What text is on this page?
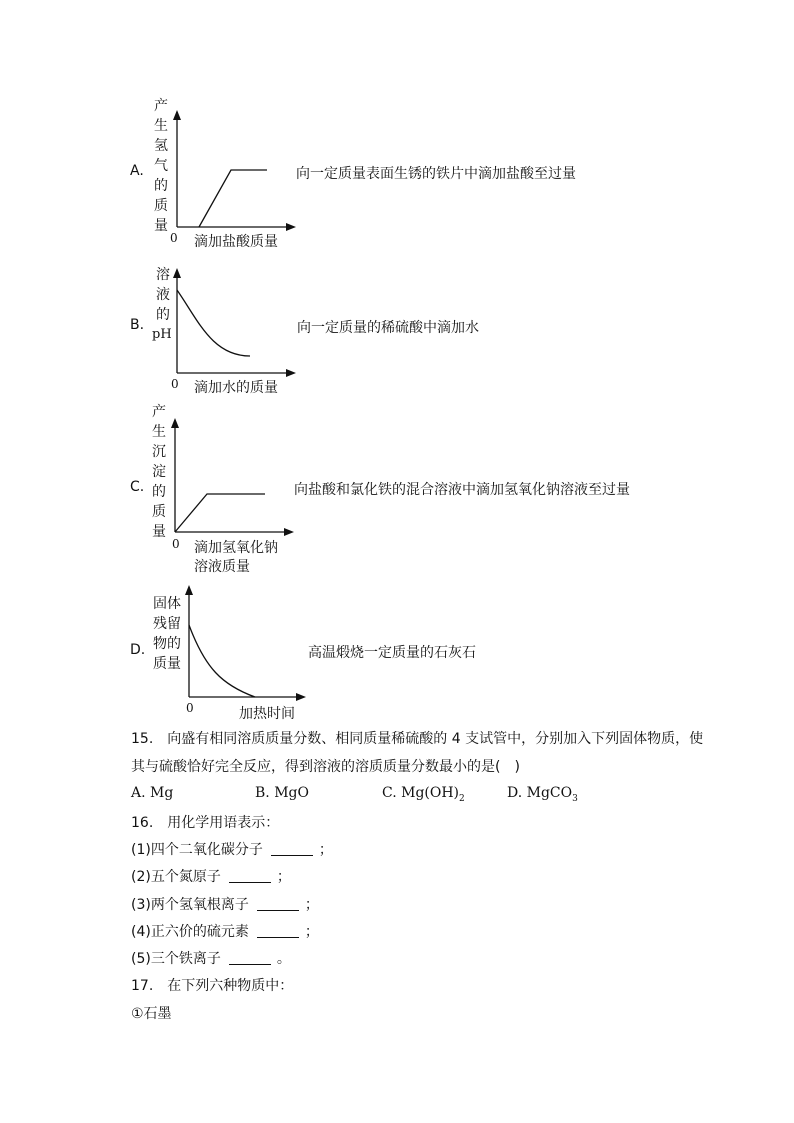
A.
产
生
氢
气
的
质
量
0 滴加盐酸质量
向一定质量表面生锈的铁片中滴加盐酸至过量
B.
溶
液
的
pH
0 滴加水的质量
向一定质量的稀硫酸中滴加水
C.
产
生
沉
淀
的
质
量
0 滴加氢氧化钠
溶液质量
向盐酸和氯化铁的混合溶液中滴加氢氧化钠溶液至过量
D.
固体
残留
物的
质量
0	加热时间
高温煅烧一定质量的石灰石
15.　向盛有相同溶质质量分数、相同质量稀硫酸的 4 支试管中，分别加入下列固体物质，使
其与硫酸恰好完全反应，得到溶液的溶质质量分数最小的是(　)
A. Mg	B. MgO	C. $Mg(OH)_2$	D. MgCO$_3$
16.　用化学用语表示：
(1)四个二氧化碳分子	；
(2)五个氮原子	；
(3)两个氢氧根离子	；
(4)正六价的硫元素	；
(5)三个铁离子	。
17.　在下列六种物质中：
①石墨
